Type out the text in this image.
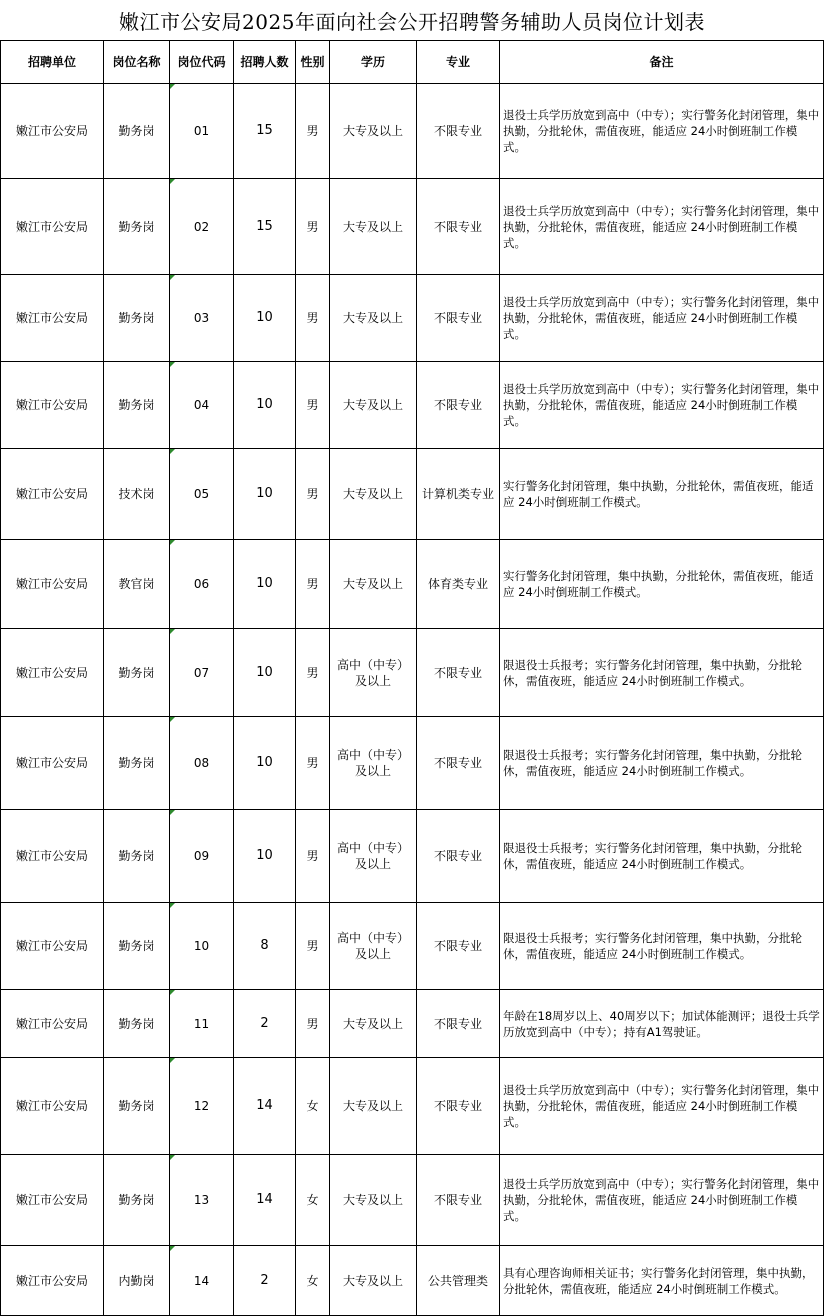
嫩江市公安局2025年面向社会公开招聘警务辅助人员岗位计划表
招聘单位	岗位名称	岗位代码	招聘人数	性别	学历	专业	备注
嫩江市公安局	勤务岗	01	15	男	大专及以上	不限专业	退役士兵学历放宽到高中（中专）；实行警务化封闭管理，集中执勤，分批轮休，需值夜班，能适应 24小时倒班制工作模式。
嫩江市公安局	勤务岗	02	15	男	大专及以上	不限专业	退役士兵学历放宽到高中（中专）；实行警务化封闭管理，集中执勤，分批轮休，需值夜班，能适应 24小时倒班制工作模式。
嫩江市公安局	勤务岗	03	10	男	大专及以上	不限专业	退役士兵学历放宽到高中（中专）；实行警务化封闭管理，集中执勤，分批轮休，需值夜班，能适应 24小时倒班制工作模式。
嫩江市公安局	勤务岗	04	10	男	大专及以上	不限专业	退役士兵学历放宽到高中（中专）；实行警务化封闭管理，集中执勤，分批轮休，需值夜班，能适应 24小时倒班制工作模式。
嫩江市公安局	技术岗	05	10	男	大专及以上	计算机类专业	实行警务化封闭管理，集中执勤，分批轮休，需值夜班，能适应 24小时倒班制工作模式。
嫩江市公安局	教官岗	06	10	男	大专及以上	体育类专业	实行警务化封闭管理，集中执勤，分批轮休，需值夜班，能适应 24小时倒班制工作模式。
嫩江市公安局	勤务岗	07	10	男	高中（中专）及以上	不限专业	限退役士兵报考；实行警务化封闭管理，集中执勤，分批轮休，需值夜班，能适应 24小时倒班制工作模式。
嫩江市公安局	勤务岗	08	10	男	高中（中专）及以上	不限专业	限退役士兵报考；实行警务化封闭管理，集中执勤，分批轮休，需值夜班，能适应 24小时倒班制工作模式。
嫩江市公安局	勤务岗	09	10	男	高中（中专）及以上	不限专业	限退役士兵报考；实行警务化封闭管理，集中执勤，分批轮休，需值夜班，能适应 24小时倒班制工作模式。
嫩江市公安局	勤务岗	10	8	男	高中（中专）及以上	不限专业	限退役士兵报考；实行警务化封闭管理，集中执勤，分批轮休，需值夜班，能适应 24小时倒班制工作模式。
嫩江市公安局	勤务岗	11	2	男	大专及以上	不限专业	年龄在18周岁以上、40周岁以下；加试体能测评；退役士兵学历放宽到高中（中专）；持有A1驾驶证。
嫩江市公安局	勤务岗	12	14	女	大专及以上	不限专业	退役士兵学历放宽到高中（中专）；实行警务化封闭管理，集中执勤，分批轮休，需值夜班，能适应 24小时倒班制工作模式。
嫩江市公安局	勤务岗	13	14	女	大专及以上	不限专业	退役士兵学历放宽到高中（中专）；实行警务化封闭管理，集中执勤，分批轮休，需值夜班，能适应 24小时倒班制工作模式。
嫩江市公安局	内勤岗	14	2	女	大专及以上	公共管理类	具有心理咨询师相关证书；实行警务化封闭管理，集中执勤，分批轮休，需值夜班，能适应 24小时倒班制工作模式。
